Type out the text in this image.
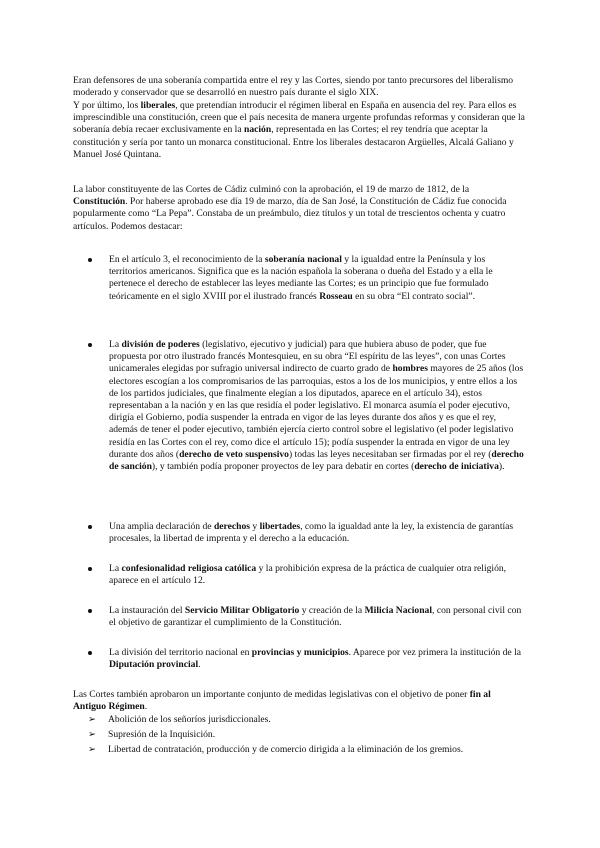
Eran defensores de una soberanía compartida entre el rey y las Cortes, siendo por tanto precursores del liberalismo moderado y conservador que se desarrolló en nuestro país durante el siglo XIX.

Y por último, los liberales, que pretendían introducir el régimen liberal en España en ausencia del rey. Para ellos es imprescindible una constitución, creen que el país necesita de manera urgente profundas reformas y consideran que la soberanía debía recaer exclusivamente en la nación, representada en las Cortes; el rey tendría que aceptar la constitución y sería por tanto un monarca constitucional. Entre los liberales destacaron Argüelles, Alcalá Galiano y Manuel José Quintana.

La labor constituyente de las Cortes de Cádiz culminó con la aprobación, el 19 de marzo de 1812, de la Constitución. Por haberse aprobado ese día 19 de marzo, día de San José, la Constitución de Cádiz fue conocida popularmente como “La Pepa”. Constaba de un preámbulo, diez títulos y un total de trescientos ochenta y cuatro artículos. Podemos destacar:

En el artículo 3, el reconocimiento de la soberanía nacional y la igualdad entre la Península y los territorios americanos. Significa que es la nación española la soberana o dueña del Estado y a ella le pertenece el derecho de establecer las leyes mediante las Cortes; es un principio que fue formulado teóricamente en el siglo XVIII por el ilustrado francés Rosseau en su obra “El contrato social”.

La división de poderes (legislativo, ejecutivo y judicial) para que hubiera abuso de poder, que fue propuesta por otro ilustrado francés Montesquieu, en su obra “El espíritu de las leyes”, con unas Cortes unicamerales elegidas por sufragio universal indirecto de cuarto grado de hombres mayores de 25 años (los electores escogían a los compromisarios de las parroquias, estos a los de los municipios, y entre ellos a los de los partidos judiciales, que finalmente elegían a los diputados, aparece en el artículo 34), estos representaban a la nación y en las que residía el poder legislativo. El monarca asumía el poder ejecutivo, dirigía el Gobierno, podía suspender la entrada en vigor de las leyes durante dos años y es que el rey, además de tener el poder ejecutivo, también ejercía cierto control sobre el legislativo (el poder legislativo residía en las Cortes con el rey, como dice el artículo 15); podía suspender la entrada en vigor de una ley durante dos años (derecho de veto suspensivo) todas las leyes necesitaban ser firmadas por el rey (derecho de sanción), y también podía proponer proyectos de ley para debatir en cortes (derecho de iniciativa).

Una amplia declaración de derechos y libertades, como la igualdad ante la ley, la existencia de garantías procesales, la libertad de imprenta y el derecho a la educación.

La confesionalidad religiosa católica y la prohibición expresa de la práctica de cualquier otra religión, aparece en el artículo 12.

La instauración del Servicio Militar Obligatorio y creación de la Milicia Nacional, con personal civil con el objetivo de garantizar el cumplimiento de la Constitución.

La división del territorio nacional en provincias y municipios. Aparece por vez primera la institución de la Diputación provincial.

Las Cortes también aprobaron un importante conjunto de medidas legislativas con el objetivo de poner fin al Antiguo Régimen.

➢	Abolición de los señoríos jurisdiccionales.
➢	Supresión de la Inquisición.
➢	Libertad de contratación, producción y de comercio dirigida a la eliminación de los gremios.
